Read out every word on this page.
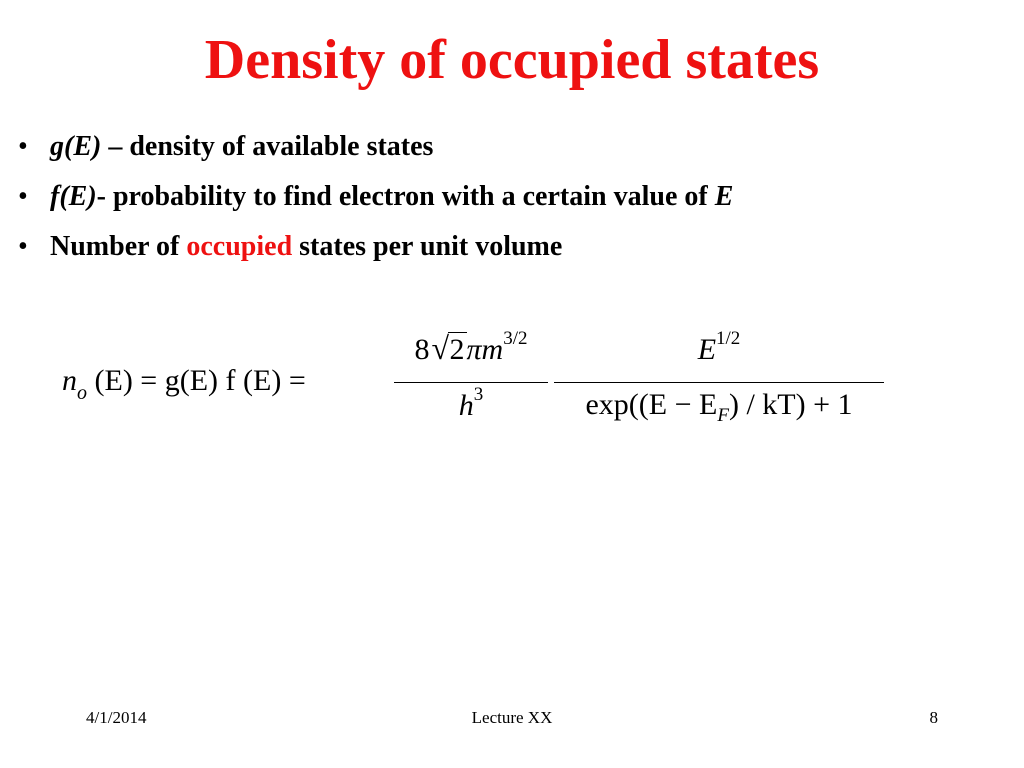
Density of occupied states
• g(E) – density of available states
• f(E)- probability to find electron with a certain value of E
• Number of occupied states per unit volume
$n_o$ (E) = g(E) f (E) =
8 √ $2\pi m^{3/2}$
$h^3$
$E^{1/2}$
$\exp((E - E_F) / kT) + 1$
4/1/2014	Lecture XX	8
